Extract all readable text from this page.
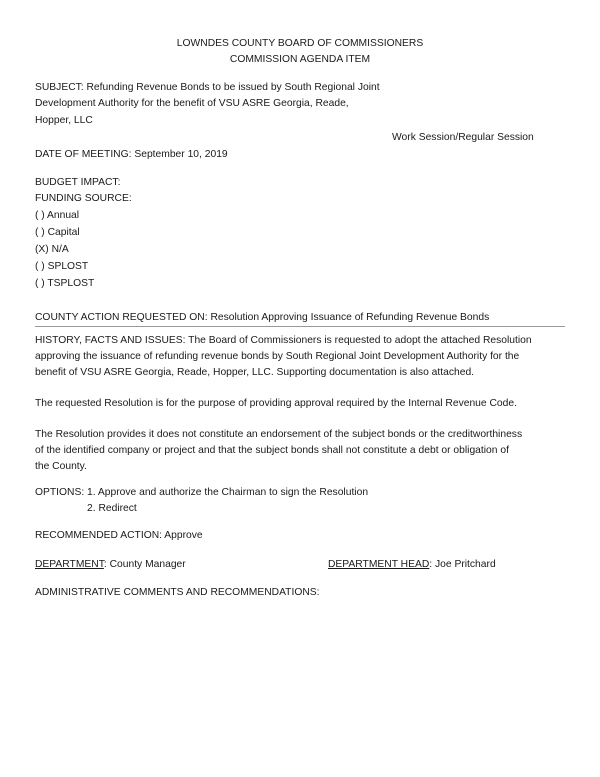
LOWNDES COUNTY BOARD OF COMMISSIONERS
COMMISSION AGENDA ITEM
SUBJECT: Refunding Revenue Bonds to be issued by South Regional Joint
Development Authority for the benefit of VSU ASRE Georgia, Reade,
Hopper, LLC
Work Session/Regular Session
DATE OF MEETING: September 10, 2019
BUDGET IMPACT:
FUNDING SOURCE:
( ) Annual
( ) Capital
(X) N/A
( ) SPLOST
( ) TSPLOST
COUNTY ACTION REQUESTED ON: Resolution Approving Issuance of Refunding Revenue Bonds
HISTORY, FACTS AND ISSUES: The Board of Commissioners is requested to adopt the attached Resolution
approving the issuance of refunding revenue bonds by South Regional Joint Development Authority for the
benefit of VSU ASRE Georgia, Reade, Hopper, LLC. Supporting documentation is also attached.
The requested Resolution is for the purpose of providing approval required by the Internal Revenue Code.
The Resolution provides it does not constitute an endorsement of the subject bonds or the creditworthiness
of the identified company or project and that the subject bonds shall not constitute a debt or obligation of
the County.
OPTIONS: 1. Approve and authorize the Chairman to sign the Resolution
2. Redirect
RECOMMENDED ACTION: Approve
DEPARTMENT: County Manager	DEPARTMENT HEAD: Joe Pritchard
ADMINISTRATIVE COMMENTS AND RECOMMENDATIONS:
